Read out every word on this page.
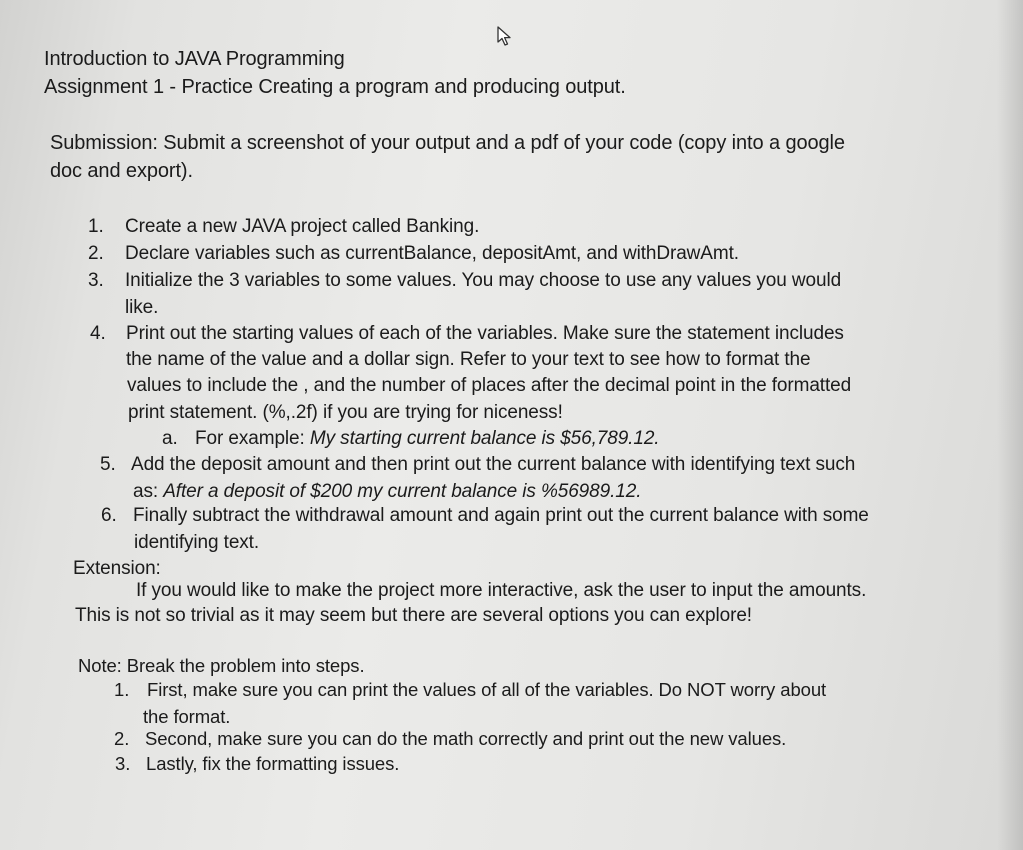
Introduction to JAVA Programming
Assignment 1 - Practice Creating a program and producing output.
Submission: Submit a screenshot of your output and a pdf of your code (copy into a google
doc and export).
1. Create a new JAVA project called Banking.
2. Declare variables such as currentBalance, depositAmt, and withDrawAmt.
3. Initialize the 3 variables to some values. You may choose to use any values you would
like.
4. Print out the starting values of each of the variables. Make sure the statement includes
the name of the value and a dollar sign. Refer to your text to see how to format the
values to include the , and the number of places after the decimal point in the formatted
print statement. (%,.2f) if you are trying for niceness!
a. For example: My starting current balance is $56,789.12.
5. Add the deposit amount and then print out the current balance with identifying text such
as: After a deposit of $200 my current balance is %56989.12.
6. Finally subtract the withdrawal amount and again print out the current balance with some
identifying text.
Extension:
If you would like to make the project more interactive, ask the user to input the amounts.
This is not so trivial as it may seem but there are several options you can explore!
Note: Break the problem into steps.
1. First, make sure you can print the values of all of the variables. Do NOT worry about
the format.
2. Second, make sure you can do the math correctly and print out the new values.
3. Lastly, fix the formatting issues.
